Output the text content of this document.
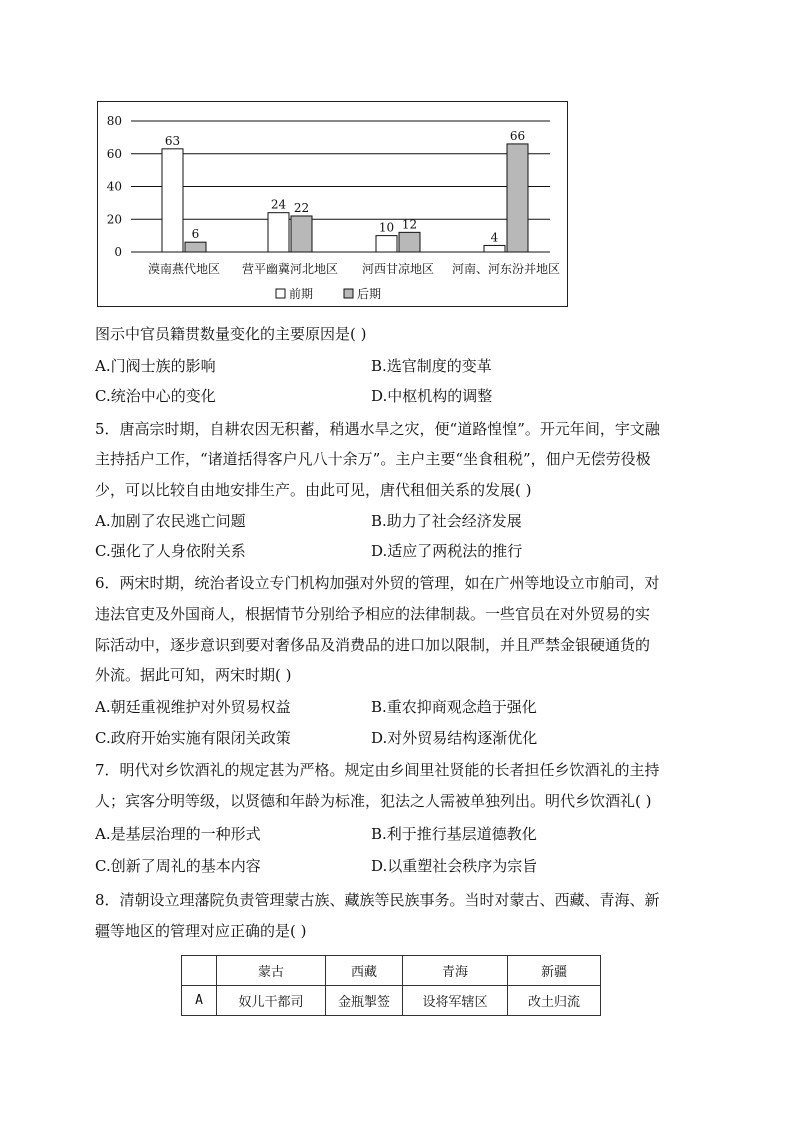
0
20
40
60
80
63
6
漠南燕代地区
24 22
营平幽冀河北地区
10 12
河西甘凉地区
4
66
河南、河东汾并地区
前期	后期
图示中官员籍贯数量变化的主要原因是( )
A.门阀士族的影响	B.选官制度的变革
C.统治中心的变化	D.中枢机构的调整
5．唐高宗时期，自耕农因无积蓄，稍遇水旱之灾，便“道路惶惶”。开元年间，宇文融
主持括户工作，“诸道括得客户凡八十余万”。主户主要“坐食租税”，佃户无偿劳役极
少，可以比较自由地安排生产。由此可见，唐代租佃关系的发展( )
A.加剧了农民逃亡问题	B.助力了社会经济发展
C.强化了人身依附关系	D.适应了两税法的推行
6．两宋时期，统治者设立专门机构加强对外贸的管理，如在广州等地设立市舶司，对
违法官吏及外国商人，根据情节分别给予相应的法律制裁。一些官员在对外贸易的实
际活动中，逐步意识到要对奢侈品及消费品的进口加以限制，并且严禁金银硬通货的
外流。据此可知，两宋时期( )
A.朝廷重视维护对外贸易权益	B.重农抑商观念趋于强化
C.政府开始实施有限闭关政策	D.对外贸易结构逐渐优化
7．明代对乡饮酒礼的规定甚为严格。规定由乡闾里社贤能的长者担任乡饮酒礼的主持
人；宾客分明等级，以贤德和年龄为标准，犯法之人需被单独列出。明代乡饮酒礼( )
A.是基层治理的一种形式	B.利于推行基层道德教化
C.创新了周礼的基本内容	D.以重塑社会秩序为宗旨
8．清朝设立理藩院负责管理蒙古族、藏族等民族事务。当时对蒙古、西藏、青海、新
疆等地区的管理对应正确的是( )
	蒙古	西藏	青海	新疆
A	奴儿干都司	金瓶掣签	设将军辖区	改土归流
